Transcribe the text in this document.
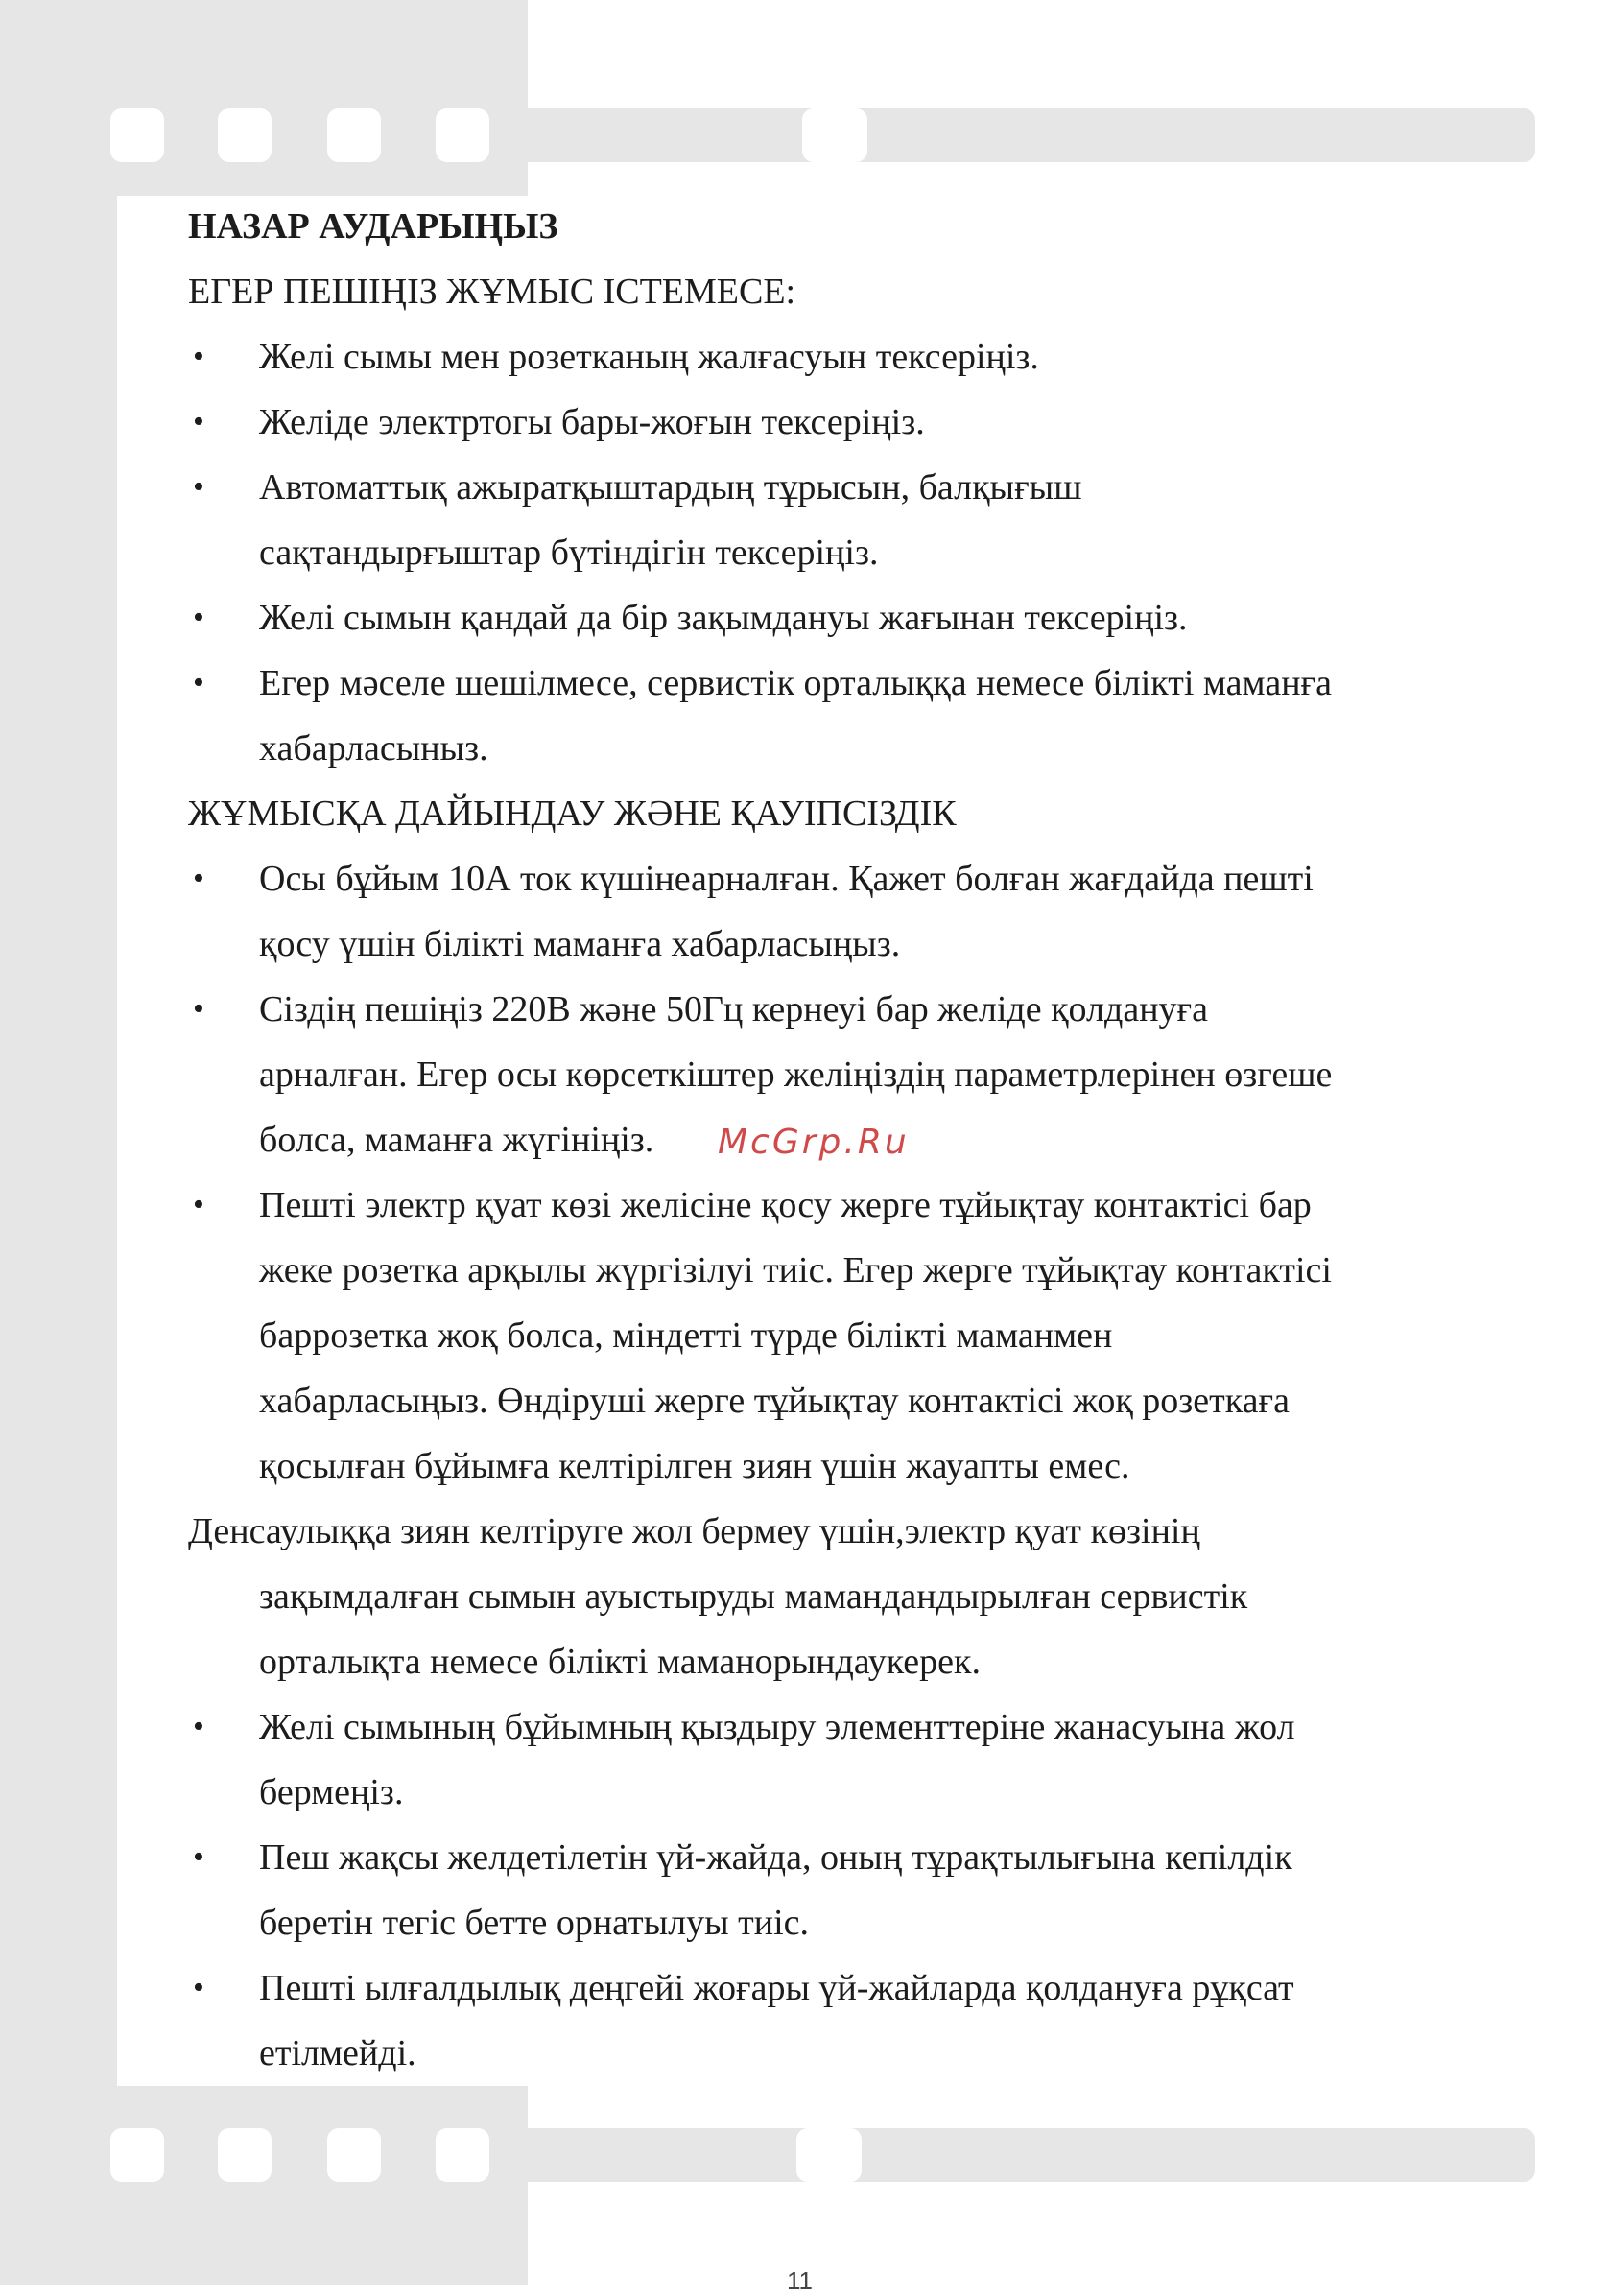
НАЗАР АУДАРЫҢЫЗ
ЕГЕР ПЕШІҢІЗ ЖҰМЫС ІСТЕМЕСЕ:
• Желі сымы мен розетканың жалғасуын тексеріңіз.
• Желіде электртогы бары-жоғын тексеріңіз.
• Автоматтық ажыратқыштардың тұрысын, балқығыш
сақтандырғыштар бүтіндігін тексеріңіз.
• Желі сымын қандай да бір зақымдануы жағынан тексеріңіз.
• Егер мәселе шешілмесе, сервистік орталыққа немесе білікті маманға
хабарласыныз.
ЖҰМЫСҚА ДАЙЫНДАУ ЖӘНЕ ҚАУІПСІЗДІК
• Осы бұйым 10А ток күшінеарналған. Қажет болған жағдайда пешті
қосу үшін білікті маманға хабарласыңыз.
• Сіздің пешіңіз 220В және 50Гц кернеуі бар желіде қолдануға
арналған. Егер осы көрсеткіштер желіңіздің параметрлерінен өзгеше
болса, маманға жүгініңіз.
• Пешті электр қуат көзі желісіне қосу жерге тұйықтау контактісі бар
жеке розетка арқылы жүргізілуі тиіс. Егер жерге тұйықтау контактісі
баррозетка жоқ болса, міндетті түрде білікті маманмен
хабарласыңыз. Өндіруші жерге тұйықтау контактісі жоқ розеткаға
қосылған бұйымға келтірілген зиян үшін жауапты емес.
Денсаулыққа зиян келтіруге жол бермеу үшін,электр қуат көзінің
зақымдалған сымын ауыстыруды мамандандырылған сервистік
орталықта немесе білікті маманорындаукерек.
• Желі сымының бұйымның қыздыру элементтеріне жанасуына жол
бермеңіз.
• Пеш жақсы желдетілетін үй-жайда, оның тұрақтылығына кепілдік
беретін тегіс бетте орнатылуы тиіс.
• Пешті ылғалдылық деңгейі жоғары үй-жайларда қолдануға рұқсат
етілмейді.
McGrp.Ru
11
